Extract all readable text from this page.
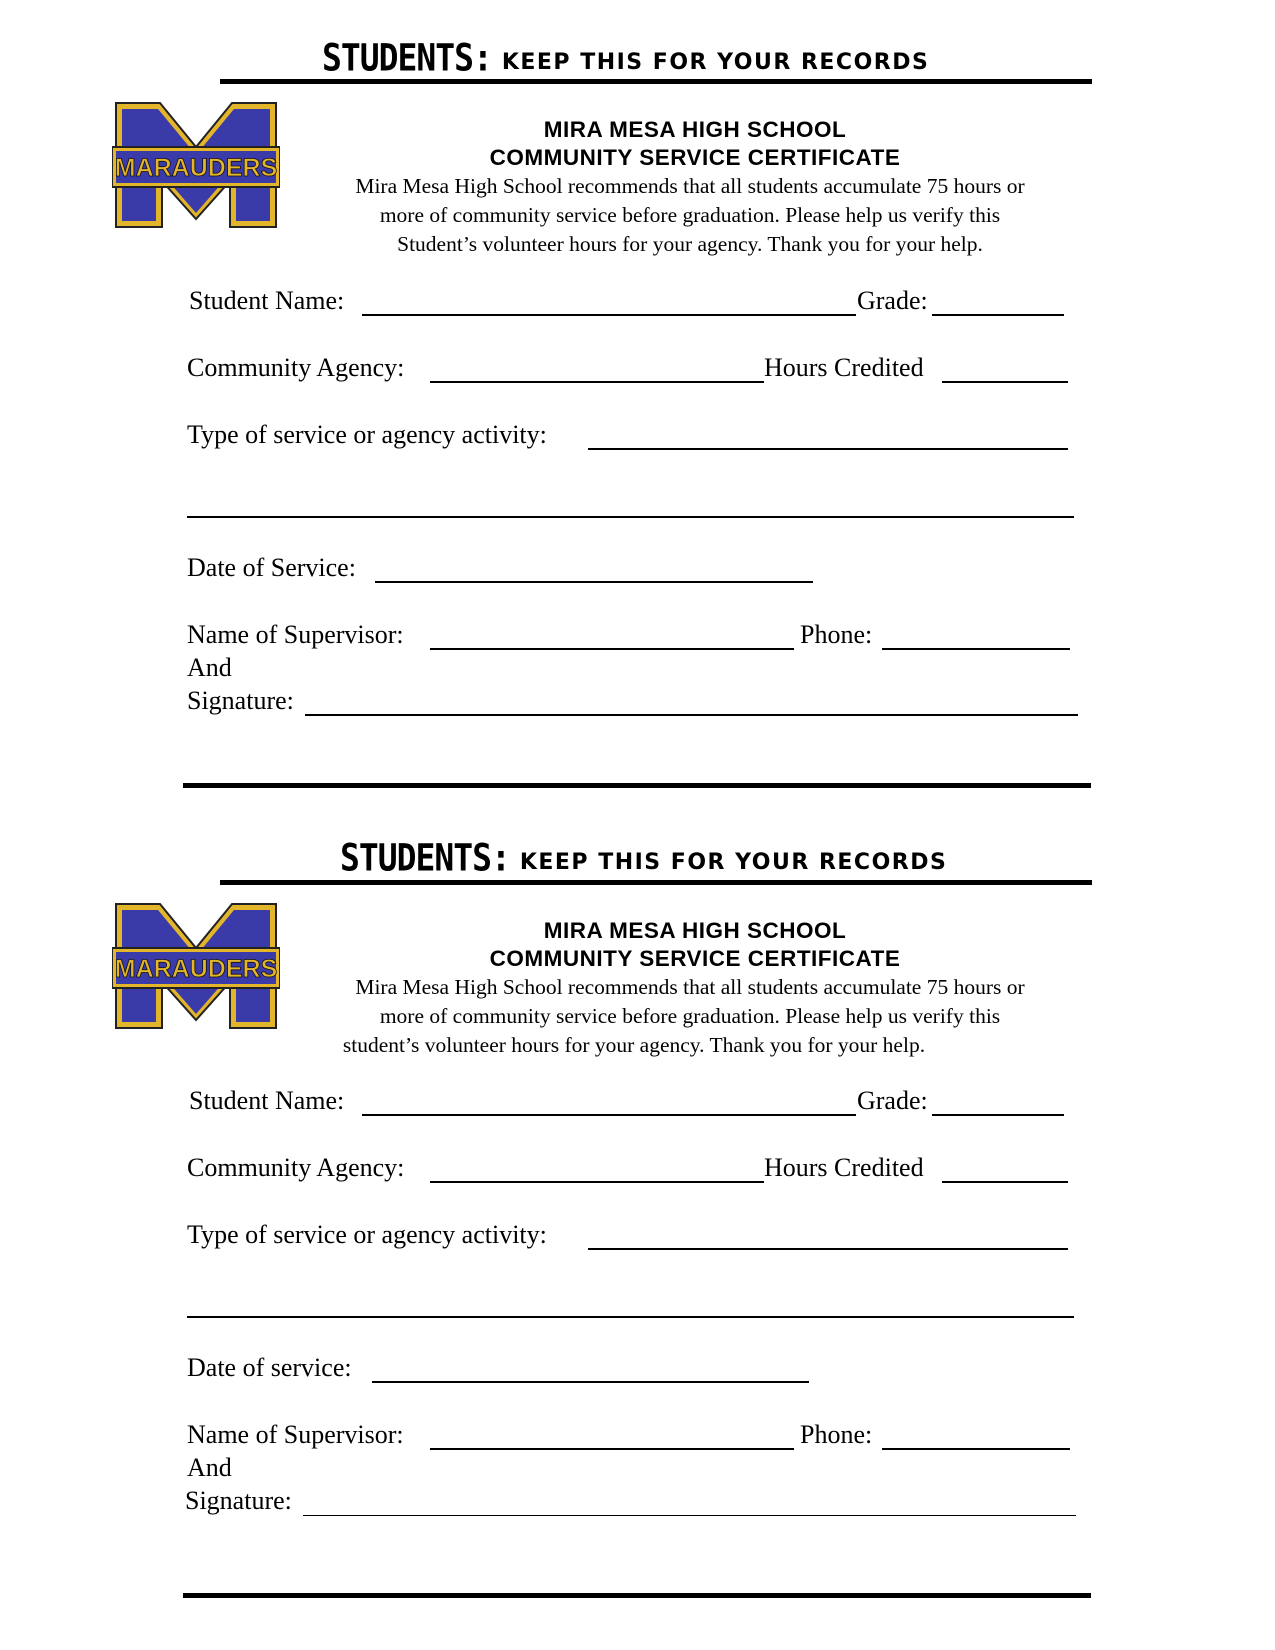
STUDENTS: KEEP THIS FOR YOUR RECORDS
MARAUDERS
MIRA MESA HIGH SCHOOL
COMMUNITY SERVICE CERTIFICATE
Mira Mesa High School recommends that all students accumulate 75 hours or
more of community service before graduation. Please help us verify this
Student’s volunteer hours for your agency. Thank you for your help.
Student Name:	Grade:
Community Agency:	Hours Credited
Type of service or agency activity:
Date of Service:
Name of Supervisor:	Phone:
And
Signature:
STUDENTS: KEEP THIS FOR YOUR RECORDS
MARAUDERS
MIRA MESA HIGH SCHOOL
COMMUNITY SERVICE CERTIFICATE
Mira Mesa High School recommends that all students accumulate 75 hours or
more of community service before graduation. Please help us verify this
student’s volunteer hours for your agency. Thank you for your help.
Student Name:	Grade:
Community Agency:	Hours Credited
Type of service or agency activity:
Date of service:
Name of Supervisor:	Phone:
And
Signature:
